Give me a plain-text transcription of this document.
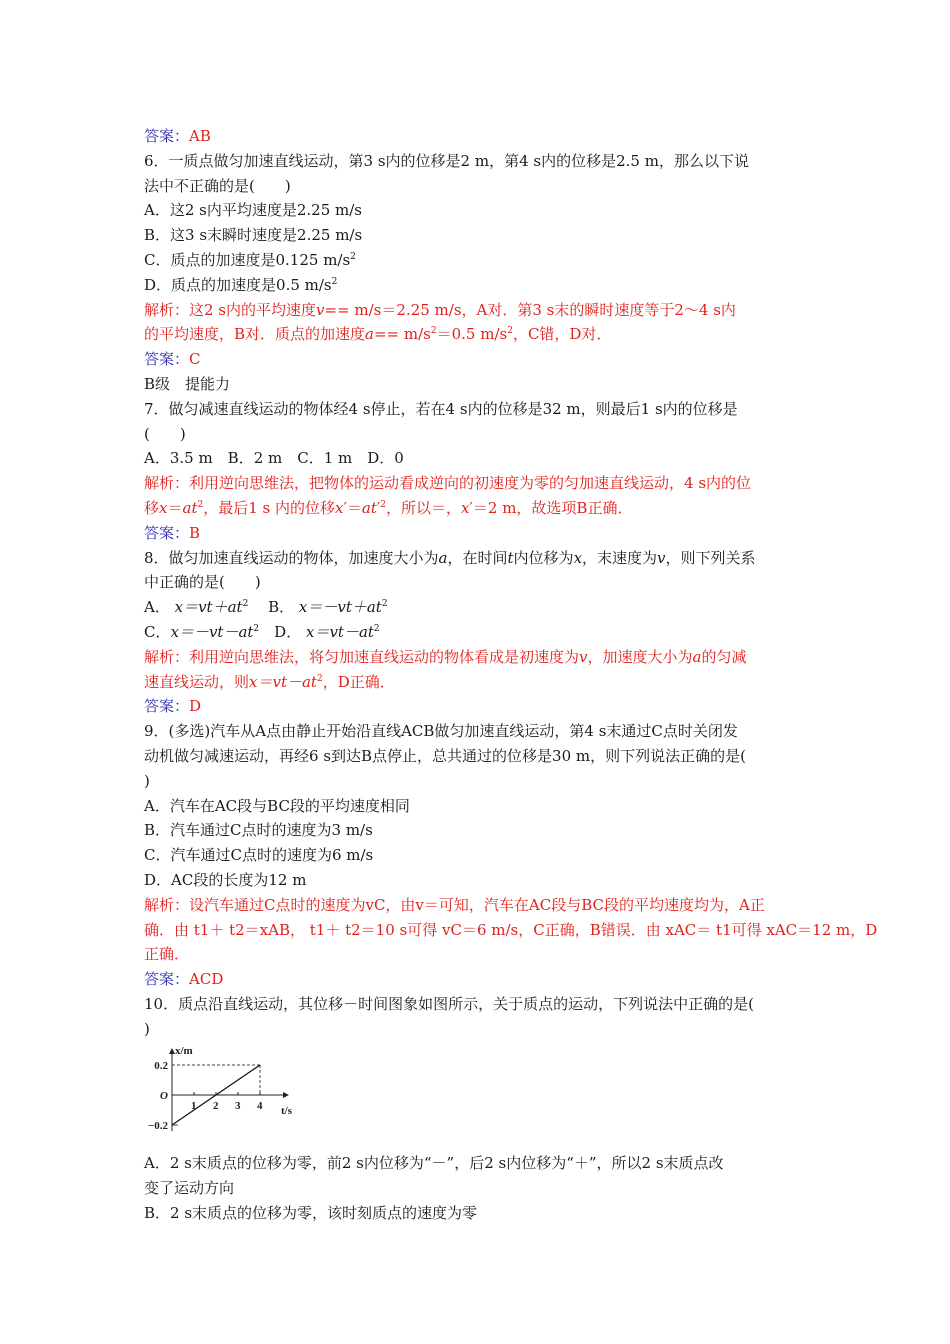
答案：AB
6．一质点做匀加速直线运动，第3 s内的位移是2 m，第4 s内的位移是2.5 m，那么以下说
法中不正确的是(　　)
A．这2 s内平均速度是2.25 m/s
B．这3 s末瞬时速度是2.25 m/s
C．质点的加速度是0.125 $m/s^2$
D．质点的加速度是0.5 $m/s^2$
解析：这2 s内的平均速度v== m/s＝2.25 m/s，A对．第3 s末的瞬时速度等于2～4 s内
的平均速度，B对．质点的加速度$a== m/s^2=0.5$ $m/s^2$，C错，D对．
答案：C
B级　提能力
7．做匀减速直线运动的物体经4 s停止，若在4 s内的位移是32 m，则最后1 s内的位移是
(　　)
A．3.5 m　B．2 m　C．1 m　D．0
解析：利用逆向思维法，把物体的运动看成逆向的初速度为零的匀加速直线运动，4 s内的位
移$x=at^2$，最后1 s 内的位移$x'=at'^2$，所以＝，x′＝2 m，故选项B正确．
答案：B
8．做匀加速直线运动的物体，加速度大小为a，在时间t内位移为x，末速度为v，则下列关系
中正确的是(　　)
A． $x=vt+at^2$　 B． $x=-vt+at^2$
C．$x=-vt-at^2$　 D． $x=vt-at^2$
解析：利用逆向思维法，将匀加速直线运动的物体看成是初速度为v，加速度大小为a的匀减
速直线运动，则$x=vt-at^2$，D正确．
答案：D
9．(多选)汽车从A点由静止开始沿直线ACB做匀加速直线运动，第4 s末通过C点时关闭发
动机做匀减速运动，再经6 s到达B点停止，总共通过的位移是30 m，则下列说法正确的是(
)
A．汽车在AC段与BC段的平均速度相同
B．汽车通过C点时的速度为3 m/s
C．汽车通过C点时的速度为6 m/s
D．AC段的长度为12 m
解析：设汽车通过C点时的速度为vC，由v＝可知，汽车在AC段与BC段的平均速度均为，A正
确．由 t1＋ t2＝xAB， t1＋ t2＝10 s可得 vC＝6 m/s，C正确，B错误．由 xAC＝ t1可得 xAC＝12 m，D
正确．
答案：ACD
10．质点沿直线运动，其位移－时间图象如图所示，关于质点的运动，下列说法中正确的是(
)
x/m
t/s
1 2 3 4
0.2
O
−0.2
A．2 s末质点的位移为零，前2 s内位移为“－”，后2 s内位移为“＋”，所以2 s末质点改
变了运动方向
B．2 s末质点的位移为零，该时刻质点的速度为零
